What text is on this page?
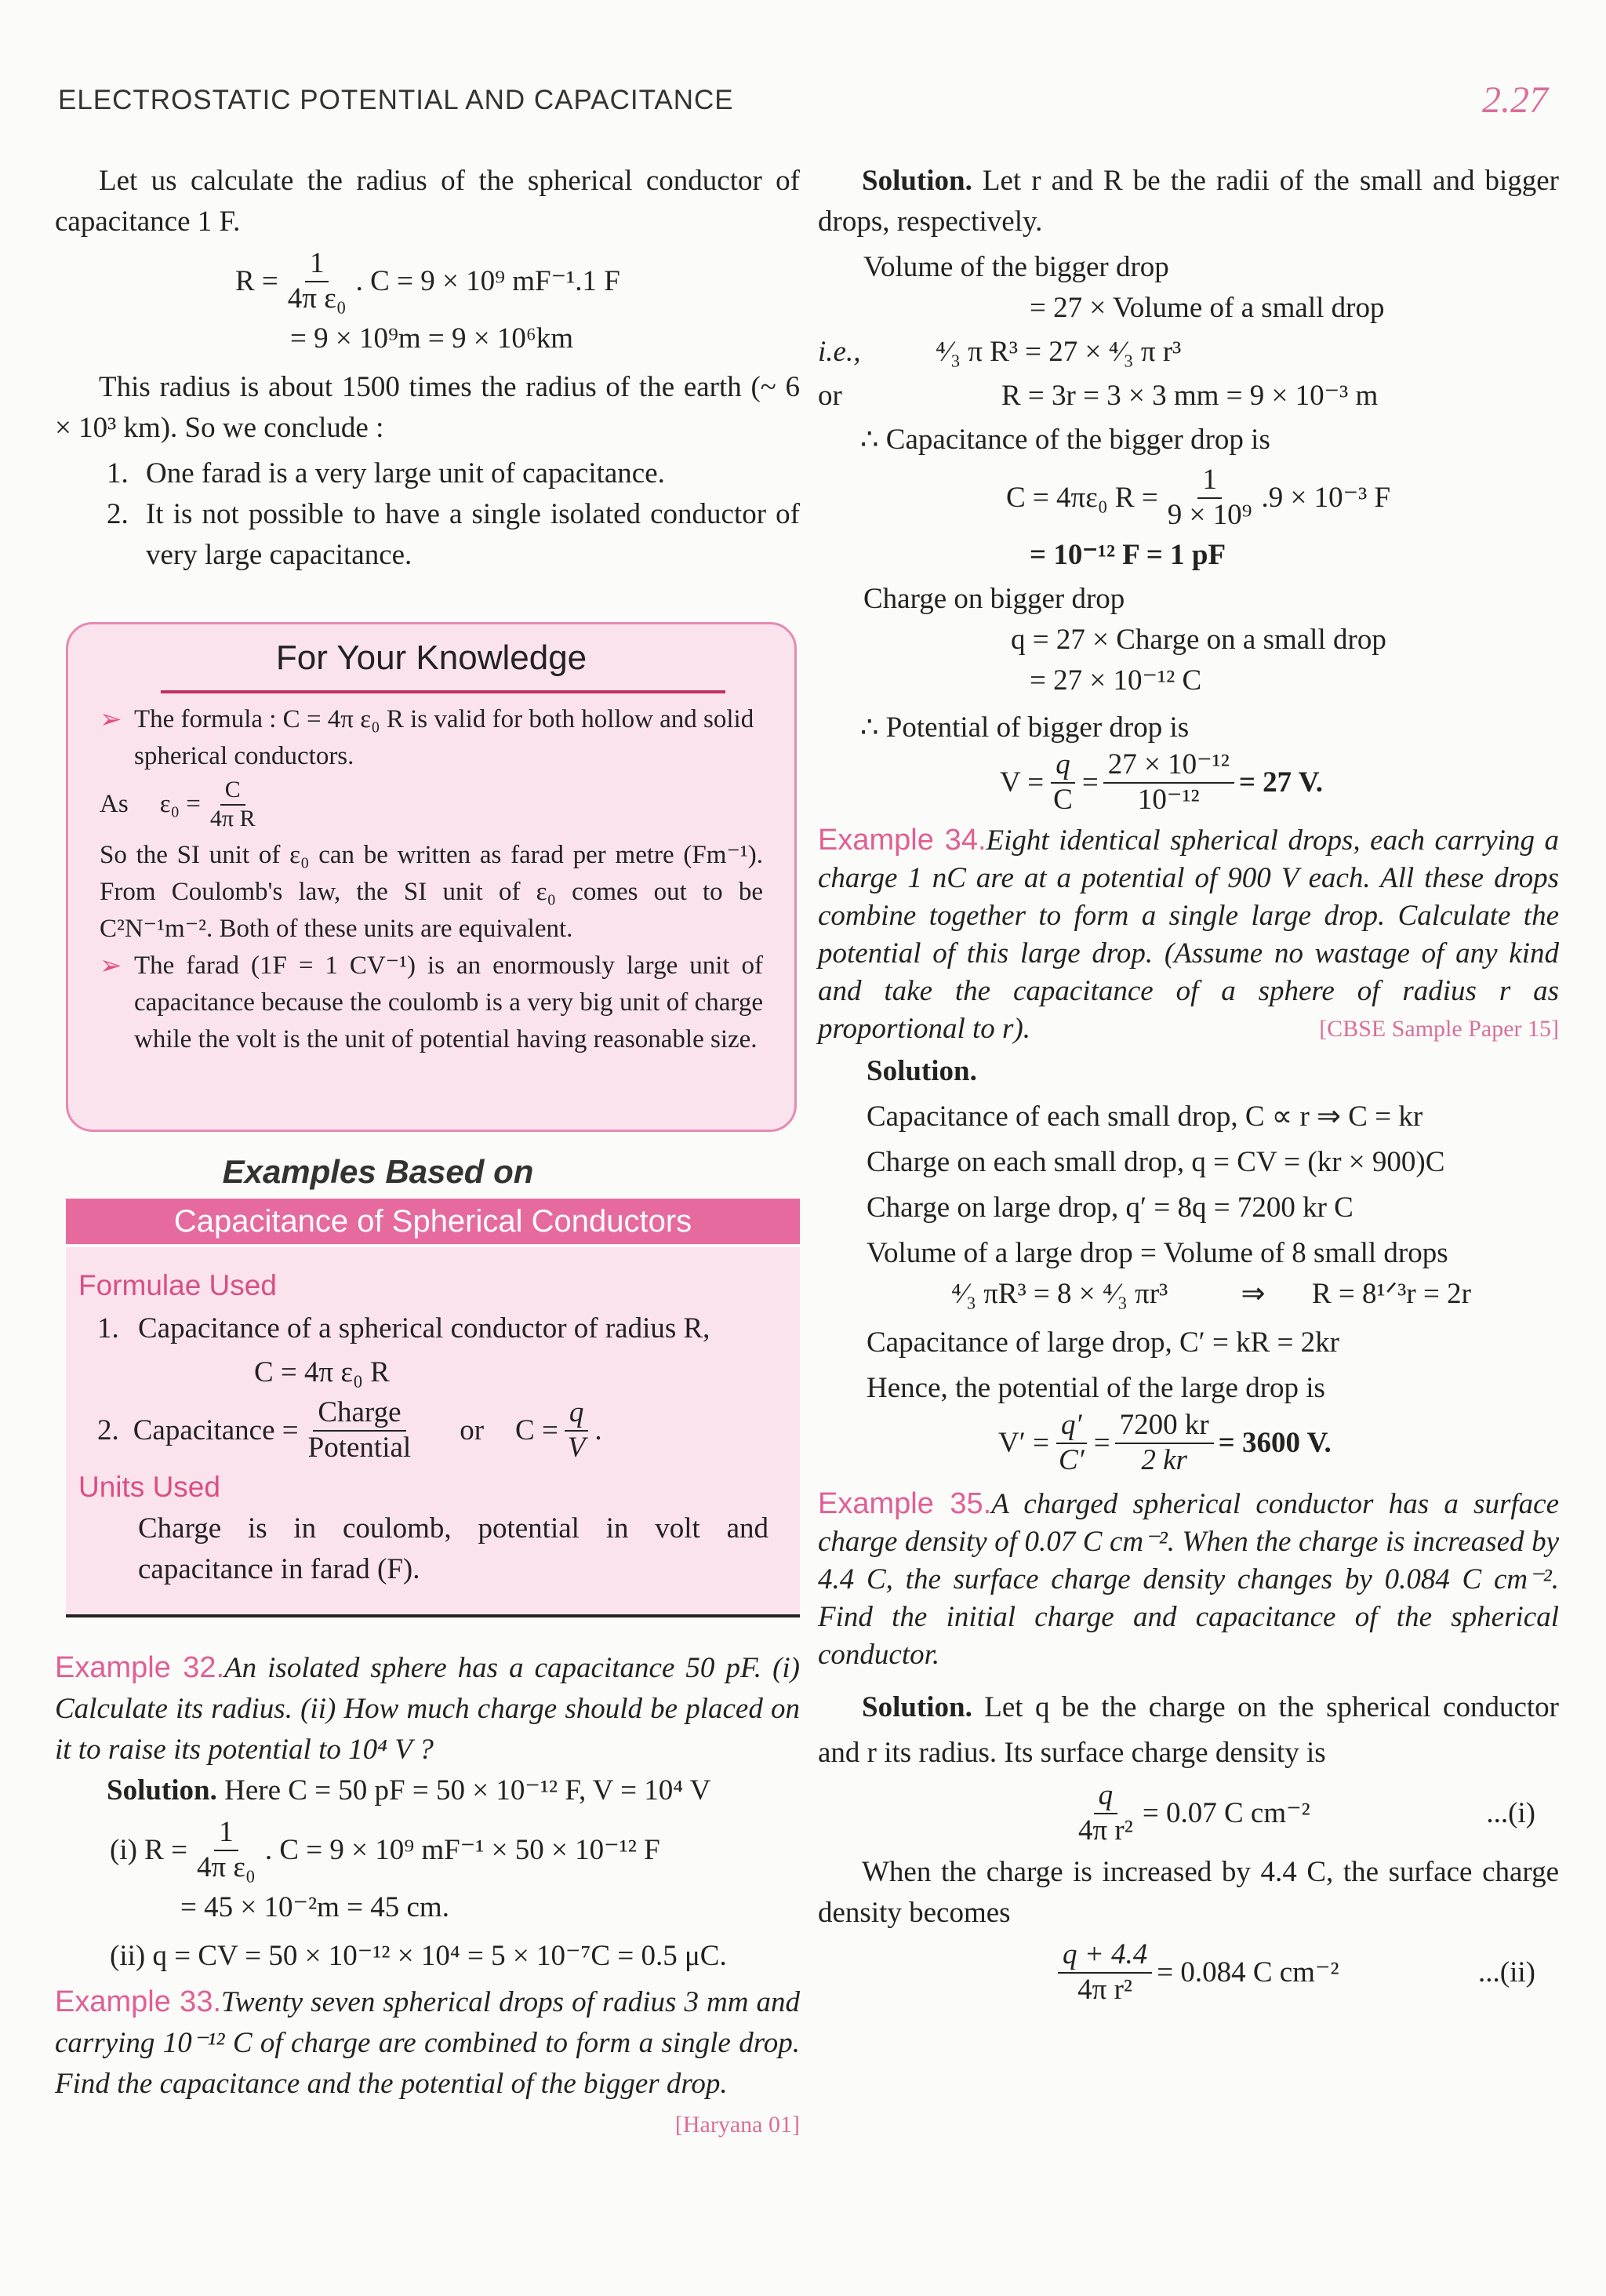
ELECTROSTATIC POTENTIAL AND CAPACITANCE	2.27

Let us calculate the radius of the spherical conductor of capacitance 1 F.

$R = \frac{1}{\text{4π ε₀}}$ . C = 9 × 10⁹ mF⁻¹.1 F

= 9 × 10⁹m = 9 × 10⁶km

This radius is about 1500 times the radius of the earth (~ 6 × 10³ km). So we conclude :

1. One farad is a very large unit of capacitance.
2. It is not possible to have a single isolated conductor of very large capacitance.
For Your Knowledge
➢ The formula : C = 4π ε₀ R is valid for both hollow and solid spherical conductors.
As $\varepsilon_0 = \frac{C}{\text{4π R}}$

So the SI unit of ε₀ can be written as farad per metre (Fm⁻¹). From Coulomb's law, the SI unit of ε₀ comes out to be C²N⁻¹m⁻². Both of these units are equivalent.

➢ The farad (1F = 1 CV⁻¹) is an enormously large unit of capacitance because the coulomb is a very big unit of charge while the volt is the unit of potential having reasonable size.
Examples Based on
Capacitance of Spherical Conductors
Formulae Used
1. Capacitance of a spherical conductor of radius R,
C = 4π ε₀ R
2. Capacitance = $\frac{\text{Charge}}{\text{Potential}}$ or $C = \frac{q}{V}$ .
Units Used

Charge is in coulomb, potential in volt and capacitance in farad (F).

Example 32.An isolated sphere has a capacitance 50 pF. (i) Calculate its radius. (ii) How much charge should be placed on it to raise its potential to 10⁴ V ?

Solution. Here C = 50 pF = 50 × 10⁻¹² F, V = 10⁴ V

(i) $R = \frac{1}{\text{4π ε₀}}$ . C = 9 × 10⁹ mF⁻¹ × 50 × 10⁻¹² F

= 45 × 10⁻²m = 45 cm.

(ii) q = CV = 50 × 10⁻¹² × 10⁴ = 5 × 10⁻⁷C = 0.5 μC.

Example 33.Twenty seven spherical drops of radius 3 mm and carrying 10⁻¹² C of charge are combined to form a single drop. Find the capacitance and the potential of the bigger drop.
[Haryana 01]

Solution. Let r and R be the radii of the small and bigger drops, respectively.

Volume of the bigger drop

= 27 × Volume of a small drop

i.e.,	⁴⁄₃ π R³ = 27 × ⁴⁄₃ π r³
or	R = 3r = 3 × 3 mm = 9 × 10⁻³ m

∴ Capacitance of the bigger drop is

C = 4πε₀ $R = \frac{1}{\text{9 × 10⁹}} .9 \times 10^{-3}$ F

= 10⁻¹² F = 1 pF

Charge on bigger drop

q = 27 × Charge on a small drop

= 27 × 10⁻¹² C

∴ Potential of bigger drop is

$V = \frac{q}{C} = \frac{\text{27 × 10⁻¹²}}{\text{10⁻¹²}} = 27$ V.

Example 34.Eight identical spherical drops, each carrying a charge 1 nC are at a potential of 900 V each. All these drops combine together to form a single large drop. Calculate the potential of this large drop. (Assume no wastage of any kind and take the capacitance of a sphere of radius r as proportional to r).	[CBSE Sample Paper 15]

Solution.

Capacitance of each small drop, C ∝ r ⇒ C = kr

Charge on each small drop, q = CV = (kr × 900)C

Charge on large drop, q′ = 8q = 7200 kr C

Volume of a large drop = Volume of 8 small drops

⁴⁄₃ πR³ = 8 × ⁴⁄₃ πr³	⇒	R = 8¹ᐟ³r = 2r

Capacitance of large drop, C′ = kR = 2kr

Hence, the potential of the large drop is

$V' = \frac{q'}{C'} = \frac{7200 kr}{2 kr} = 3600$ V.

Example 35.A charged spherical conductor has a surface charge density of 0.07 C cm⁻². When the charge is increased by 4.4 C, the surface charge density changes by 0.084 C cm⁻². Find the initial charge and capacitance of the spherical conductor.

Solution. Let q be the charge on the spherical conductor and r its radius. Its surface charge density is

$\frac{q}{\text{4π r²}} = 0.07$ C cm⁻²	...(i)

When the charge is increased by 4.4 C, the surface charge density becomes

$\frac{q + 4.4}{\text{4π r²}} = 0.084$ C cm⁻²	...(ii)
